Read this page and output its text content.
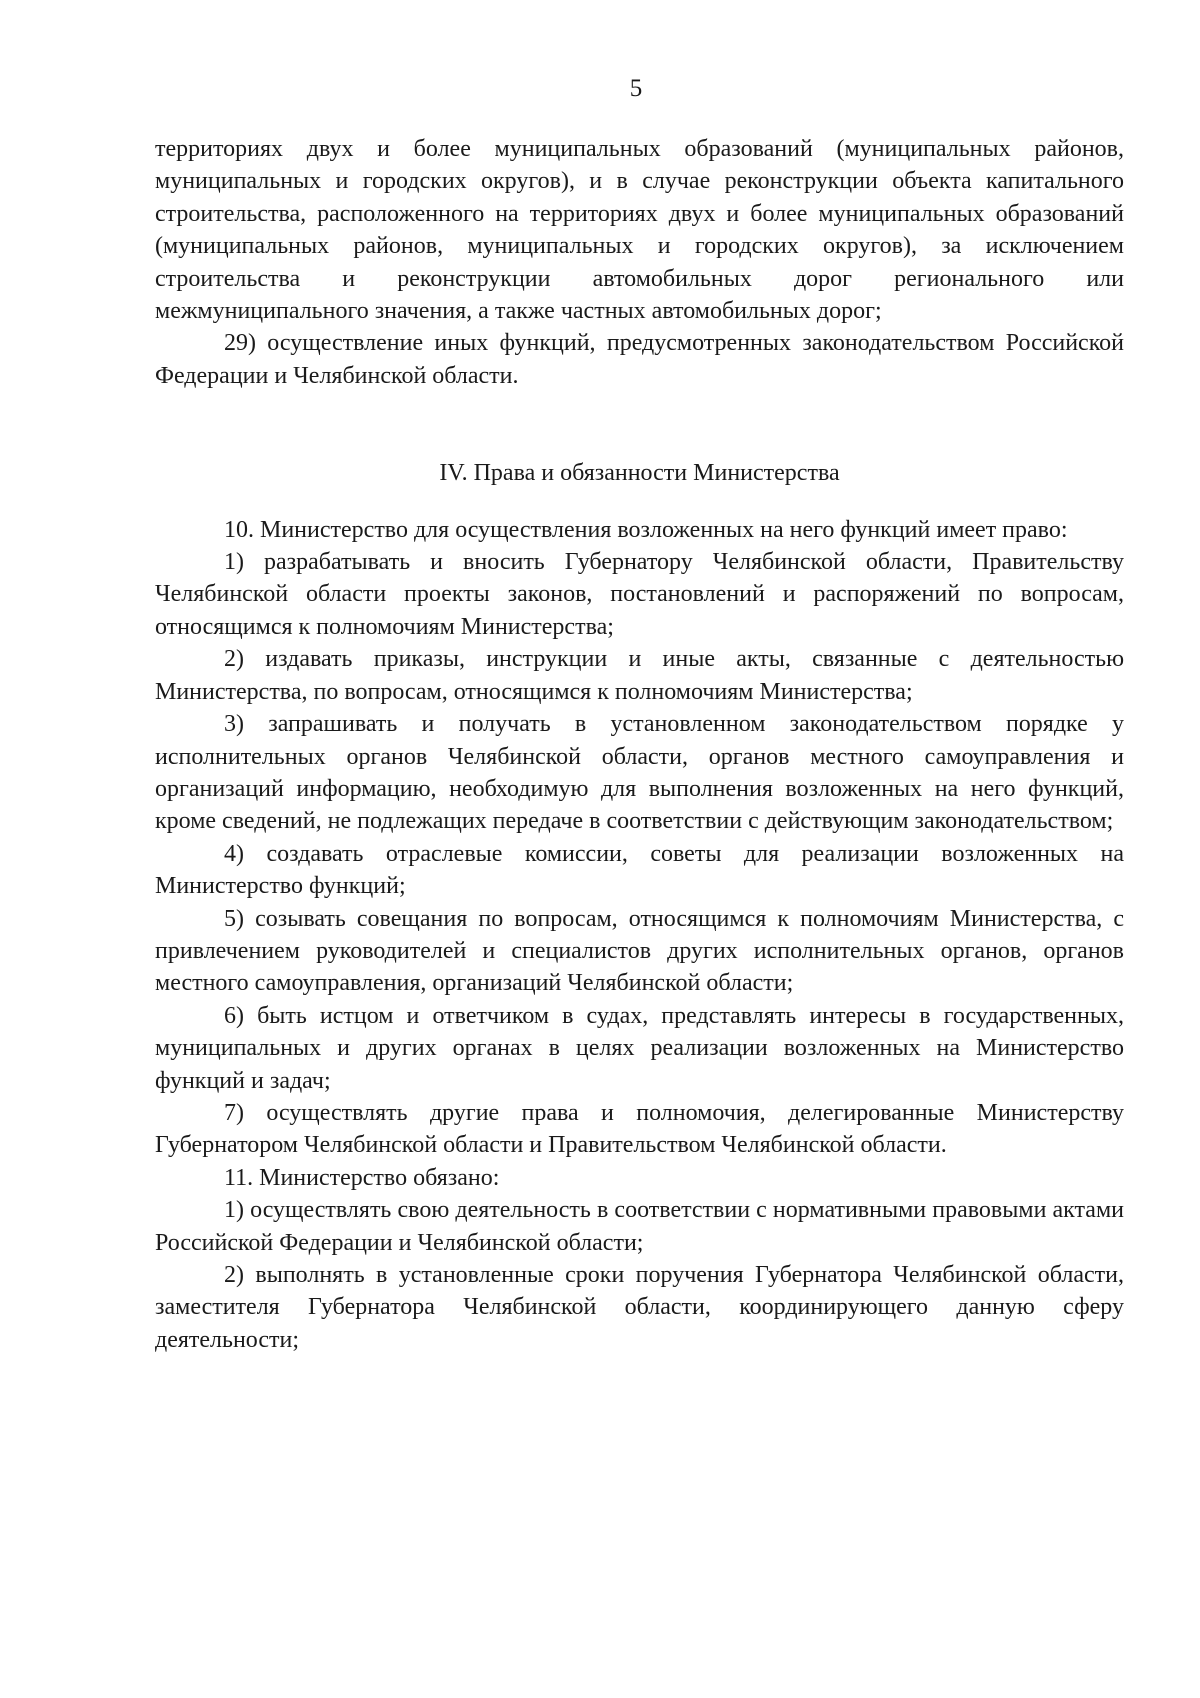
5

территориях двух и более муниципальных образований (муниципальных районов, муниципальных и городских округов), и в случае реконструкции объекта капитального строительства, расположенного на территориях двух и более муниципальных образований (муниципальных районов, муниципальных и городских округов), за исключением строительства и реконструкции автомобильных дорог регионального или межмуниципального значения, а также частных автомобильных дорог;

29) осуществление иных функций, предусмотренных законодательством Российской Федерации и Челябинской области.

IV. Права и обязанности Министерства

10. Министерство для осуществления возложенных на него функций имеет право:

1) разрабатывать и вносить Губернатору Челябинской области, Правительству Челябинской области проекты законов, постановлений и распоряжений по вопросам, относящимся к полномочиям Министерства;

2) издавать приказы, инструкции и иные акты, связанные с деятельностью Министерства, по вопросам, относящимся к полномочиям Министерства;

3) запрашивать и получать в установленном законодательством порядке у исполнительных органов Челябинской области, органов местного самоуправления и организаций информацию, необходимую для выполнения возложенных на него функций, кроме сведений, не подлежащих передаче в соответствии с действующим законодательством;

4) создавать отраслевые комиссии, советы для реализации возложенных на Министерство функций;

5) созывать совещания по вопросам, относящимся к полномочиям Министерства, с привлечением руководителей и специалистов других исполнительных органов, органов местного самоуправления, организаций Челябинской области;

6) быть истцом и ответчиком в судах, представлять интересы в государственных, муниципальных и других органах в целях реализации возложенных на Министерство функций и задач;

7) осуществлять другие права и полномочия, делегированные Министерству Губернатором Челябинской области и Правительством Челябинской области.

11. Министерство обязано:

1) осуществлять свою деятельность в соответствии с нормативными правовыми актами Российской Федерации и Челябинской области;

2) выполнять в установленные сроки поручения Губернатора Челябинской области, заместителя Губернатора Челябинской области, координирующего данную сферу деятельности;
